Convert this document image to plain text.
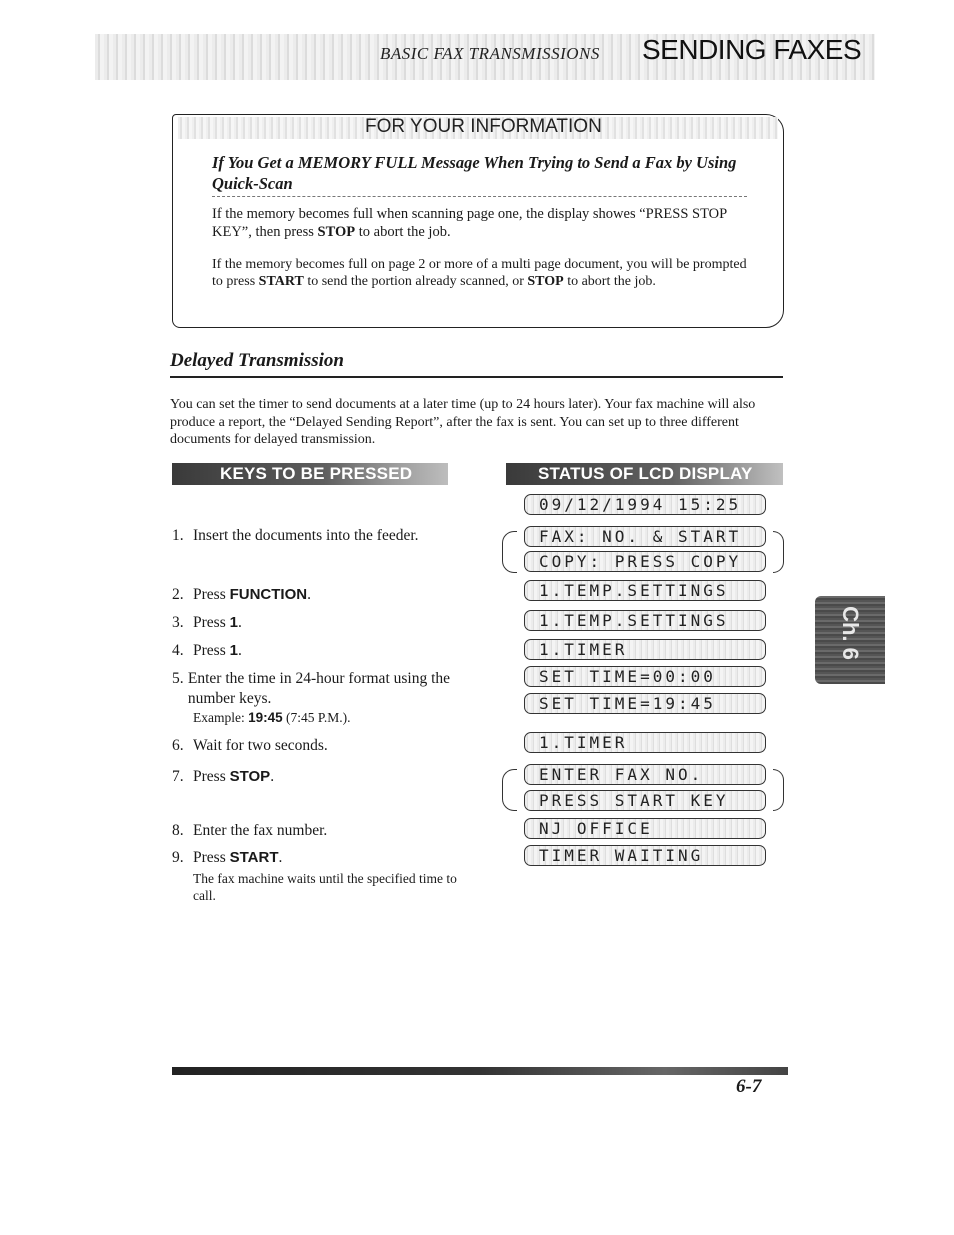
BASIC FAX TRANSMISSIONS SENDING FAXES
FOR YOUR INFORMATION
If You Get a MEMORY FULL Message When Trying to Send a Fax by Using Quick-Scan
If the memory becomes full when scanning page one, the display showes “PRESS STOP KEY”, then press STOP to abort the job.
If the memory becomes full on page 2 or more of a multi page document, you will be prompted to press START to send the portion already scanned, or STOP to abort the job.
Delayed Transmission
You can set the timer to send documents at a later time (up to 24 hours later). Your fax machine will also produce a report, the “Delayed Sending Report”, after the fax is sent. You can set up to three different documents for delayed transmission.
KEYS TO BE PRESSED	STATUS OF LCD DISPLAY
1. Insert the documents into the feeder.
2. Press FUNCTION.
3. Press 1.
4. Press 1.
5. Enter the time in 24-hour format using the number keys.
Example: 19:45 (7:45 P.M.).
6. Wait for two seconds.
7. Press STOP.
8. Enter the fax number.
9. Press START.
The fax machine waits until the specified time to call.
09/12/1994 15:25
FAX: NO. & START
COPY: PRESS COPY
1.TEMP.SETTINGS
1.TEMP.SETTINGS
1.TIMER
SET TIME=00:00
SET TIME=19:45
1.TIMER
ENTER FAX NO.
PRESS START KEY
NJ OFFICE
TIMER WAITING
Ch. 6
6-7
